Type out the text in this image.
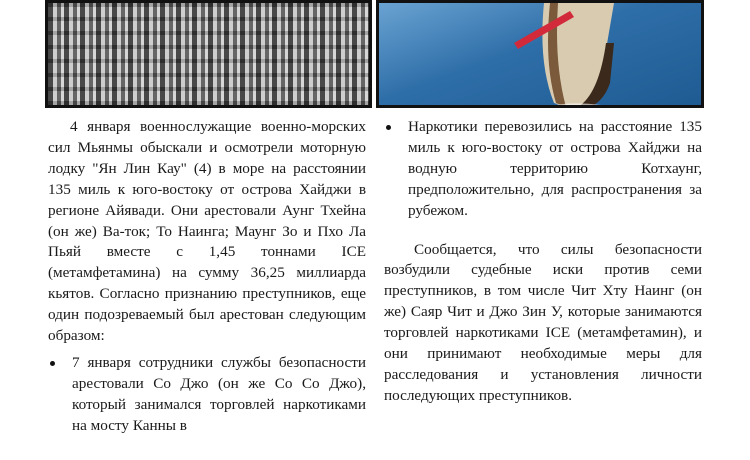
4 января военнослужащие военно-морских сил Мьянмы обыскали и осмотрели моторную лодку "Ян Лин Кау" (4) в море на расстоянии 135 миль к юго-востоку от острова Хайджи в регионе Айявади. Они арестовали Аунг Тхейна (он же) Ва-ток; То Наинга; Маунг Зо и Пхо Ла Пьяй вместе с 1,45 тоннами ICE (метамфетамина) на сумму 36,25 миллиарда кьятов. Согласно признанию преступников, еще один подозреваемый был арестован следующим образом:

7 января сотрудники службы безопасности арестовали Со Джо (он же Со Со Джо), который занимался торговлей наркотиками на мосту Канны в
Наркотики перевозились на расстояние 135 миль к юго-востоку от острова Хайджи на водную территорию Котхаунг, предположительно, для распространения за рубежом.

Сообщается, что силы безопасности возбудили судебные иски против семи преступников, в том числе Чит Хту Наинг (он же) Саяр Чит и Джо Зин У, которые занимаются торговлей наркотиками ICE (метамфетамин), и они принимают необходимые меры для расследования и установления личности последующих преступников.
